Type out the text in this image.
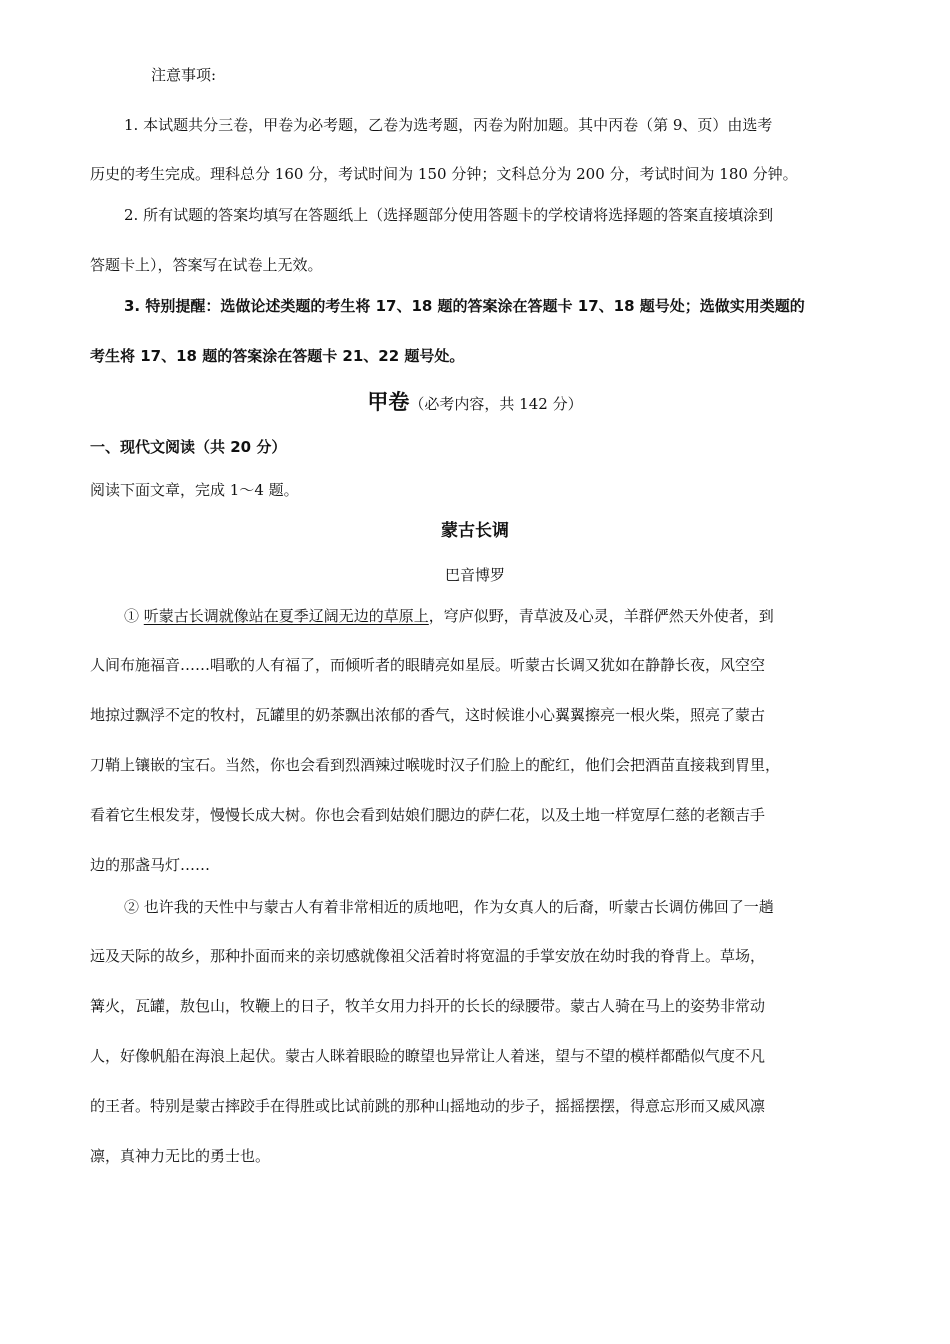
注意事项:
1. 本试题共分三卷，甲卷为必考题，乙卷为选考题，丙卷为附加题。其中丙卷（第 9、页）由选考
历史的考生完成。理科总分 160 分，考试时间为 150 分钟；文科总分为 200 分，考试时间为 180 分钟。
2. 所有试题的答案均填写在答题纸上（选择题部分使用答题卡的学校请将选择题的答案直接填涂到
答题卡上），答案写在试卷上无效。
3. 特别提醒：选做论述类题的考生将 17、18 题的答案涂在答题卡 17、18 题号处；选做实用类题的
考生将 17、18 题的答案涂在答题卡 21、22 题号处。
甲卷（必考内容，共 142 分）
一、现代文阅读（共 20 分）
阅读下面文章，完成 1～4 题。
蒙古长调
巴音博罗
① 听蒙古长调就像站在夏季辽阔无边的草原上，穹庐似野，青草波及心灵，羊群俨然天外使者，到
人间布施福音……唱歌的人有福了，而倾听者的眼睛亮如星辰。听蒙古长调又犹如在静静长夜，风空空
地掠过飘浮不定的牧村，瓦罐里的奶茶飘出浓郁的香气，这时候谁小心翼翼擦亮一根火柴，照亮了蒙古
刀鞘上镶嵌的宝石。当然，你也会看到烈酒辣过喉咙时汉子们脸上的酡红，他们会把酒苗直接栽到胃里，
看着它生根发芽，慢慢长成大树。你也会看到姑娘们腮边的萨仁花，以及土地一样宽厚仁慈的老额吉手
边的那盏马灯……
② 也许我的天性中与蒙古人有着非常相近的质地吧，作为女真人的后裔，听蒙古长调仿佛回了一趟
远及天际的故乡，那种扑面而来的亲切感就像祖父活着时将宽温的手掌安放在幼时我的脊背上。草场，
篝火，瓦罐，敖包山，牧鞭上的日子，牧羊女用力抖开的长长的绿腰带。蒙古人骑在马上的姿势非常动
人，好像帆船在海浪上起伏。蒙古人眯着眼睑的瞭望也异常让人着迷，望与不望的模样都酷似气度不凡
的王者。特别是蒙古摔跤手在得胜或比试前跳的那种山摇地动的步子，摇摇摆摆，得意忘形而又威风凛
凛，真神力无比的勇士也。
